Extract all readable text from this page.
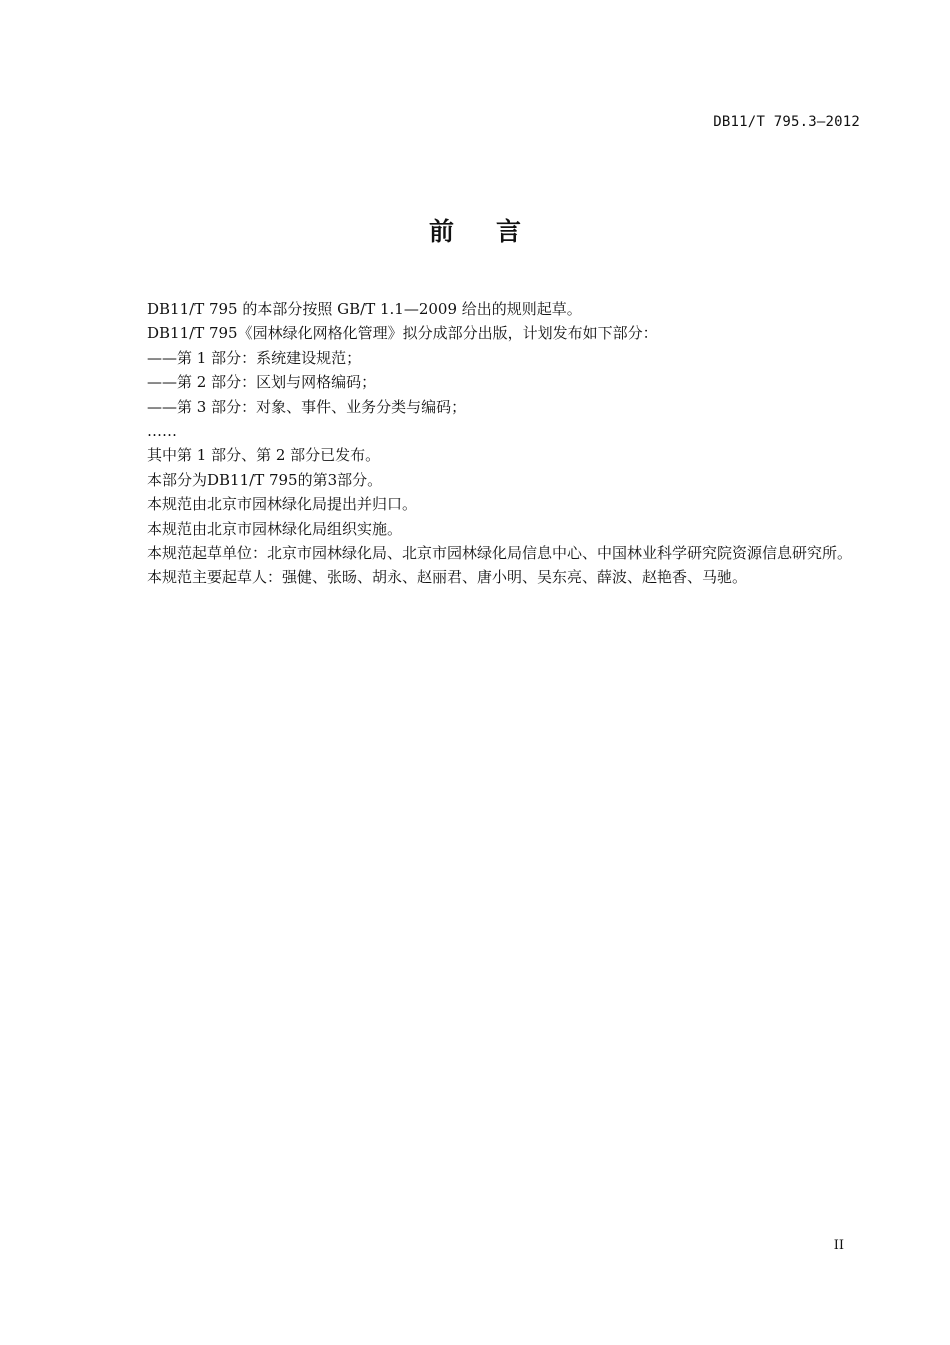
DB11/T 795.3—2012
前言

DB11/T 795 的本部分按照 GB/T 1.1—2009 给出的规则起草。

DB11/T 795《园林绿化网格化管理》拟分成部分出版，计划发布如下部分：

——第 1 部分：系统建设规范；

——第 2 部分：区划与网格编码；

——第 3 部分：对象、事件、业务分类与编码；

……

其中第 1 部分、第 2 部分已发布。

本部分为DB11/T 795的第3部分。

本规范由北京市园林绿化局提出并归口。

本规范由北京市园林绿化局组织实施。

本规范起草单位：北京市园林绿化局、北京市园林绿化局信息中心、中国林业科学研究院资源信息研究所。

本规范主要起草人：强健、张旸、胡永、赵丽君、唐小明、吴东亮、薛波、赵艳香、马驰。

II
